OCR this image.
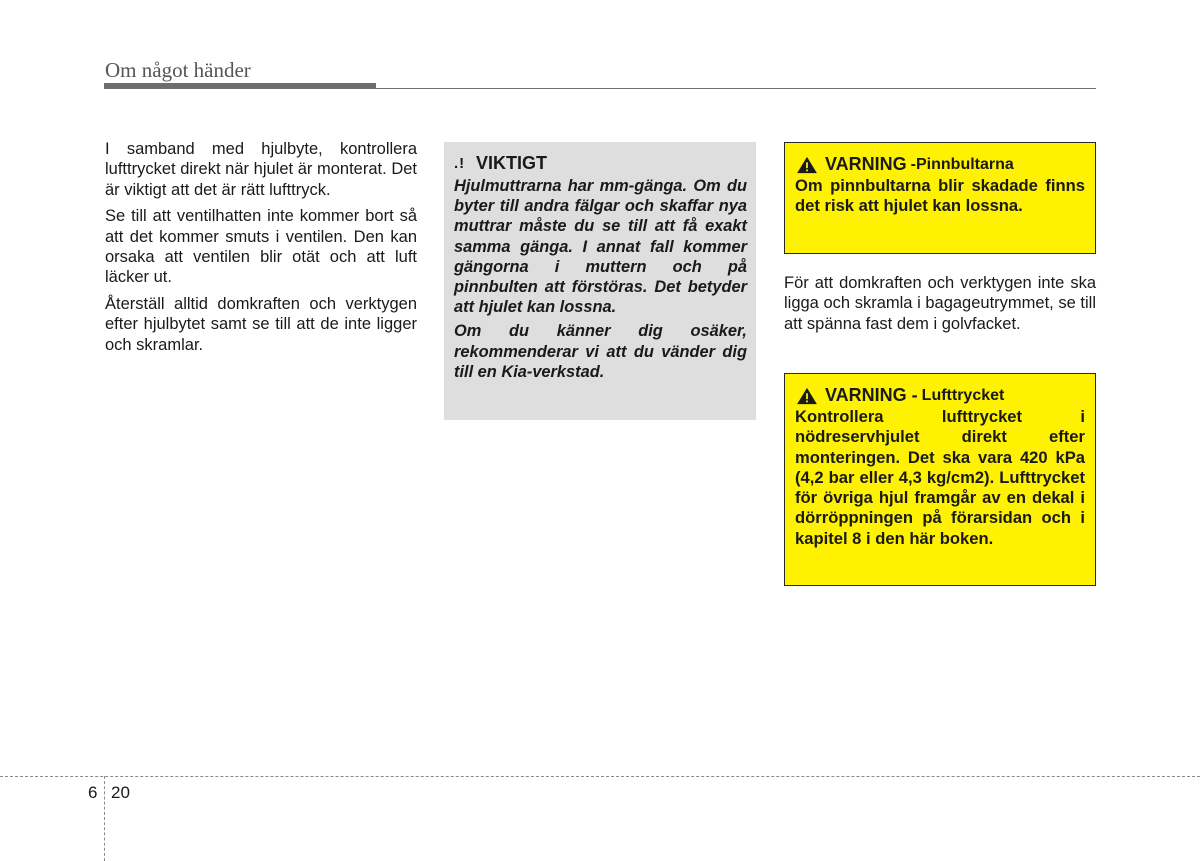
Om något händer

I samband med hjulbyte, kontrollera lufttrycket direkt när hjulet är monterat. Det är viktigt att det är rätt lufttryck.

Se till att ventilhatten inte kommer bort så att det kommer smuts i ventilen. Den kan orsaka att ventilen blir otät och att luft läcker ut.

Återställ alltid domkraften och verktygen efter hjulbytet samt se till att de inte ligger och skramlar.

.! VIKTIGT

Hjulmuttrarna har mm-gänga. Om du byter till andra fälgar och skaffar nya muttrar måste du se till att få exakt samma gänga. I annat fall kommer gängorna i muttern och på pinnbulten att förstöras. Det betyder att hjulet kan lossna.

Om du känner dig osäker, rekommenderar vi att du vänder dig till en Kia-verkstad.

VARNING -Pinnbultarna
Om pinnbultarna blir skadade finns det risk att hjulet kan lossna.

För att domkraften och verktygen inte ska ligga och skramla i bagageutrymmet, se till att spänna fast dem i golvfacket.

VARNING - Lufttrycket
Kontrollera lufttrycket i nödreservhjulet direkt efter monteringen. Det ska vara 420 kPa (4,2 bar eller 4,3 kg/cm2). Lufttrycket för övriga hjul framgår av en dekal i dörröppningen på förarsidan och i kapitel 8 i den här boken.
6 20
